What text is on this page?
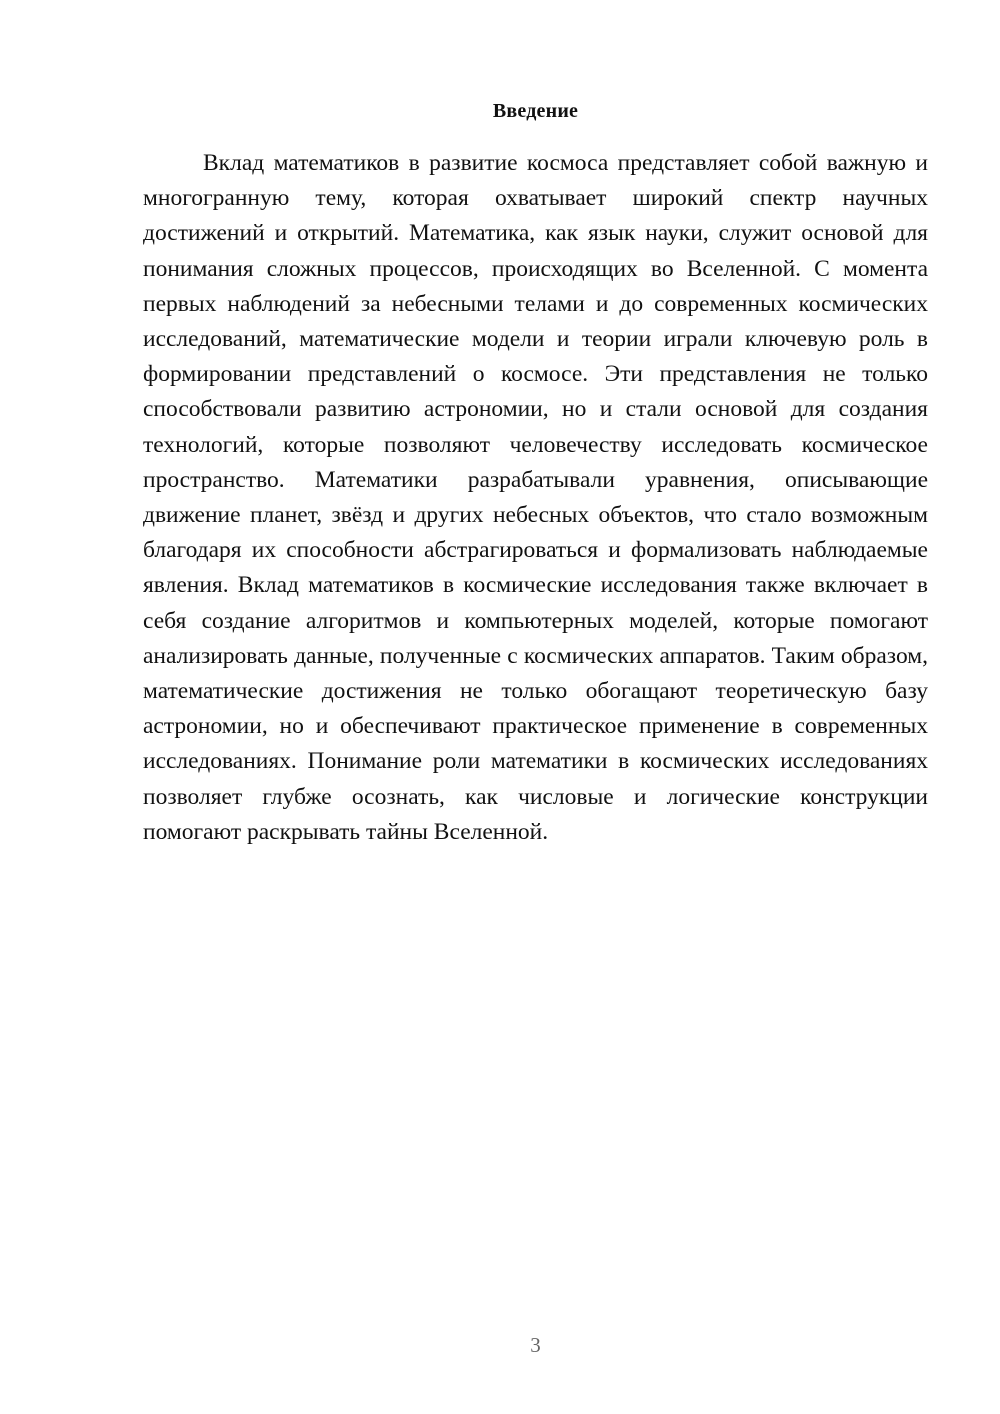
Введение

Вклад математиков в развитие космоса представляет собой важную и многогранную тему, которая охватывает широкий спектр научных достижений и открытий. Математика, как язык науки, служит основой для понимания сложных процессов, происходящих во Вселенной. С момента первых наблюдений за небесными телами и до современных космических исследований, математические модели и теории играли ключевую роль в формировании представлений о космосе. Эти представления не только способствовали развитию астрономии, но и стали основой для создания технологий, которые позволяют человечеству исследовать космическое пространство. Математики разрабатывали уравнения, описывающие движение планет, звёзд и других небесных объектов, что стало возможным благодаря их способности абстрагироваться и формализовать наблюдаемые явления. Вклад математиков в космические исследования также включает в себя создание алгоритмов и компьютерных моделей, которые помогают анализировать данные, полученные с космических аппаратов. Таким образом, математические достижения не только обогащают теоретическую базу астрономии, но и обеспечивают практическое применение в современных исследованиях. Понимание роли математики в космических исследованиях позволяет глубже осознать, как числовые и логические конструкции помогают раскрывать тайны Вселенной.

3
